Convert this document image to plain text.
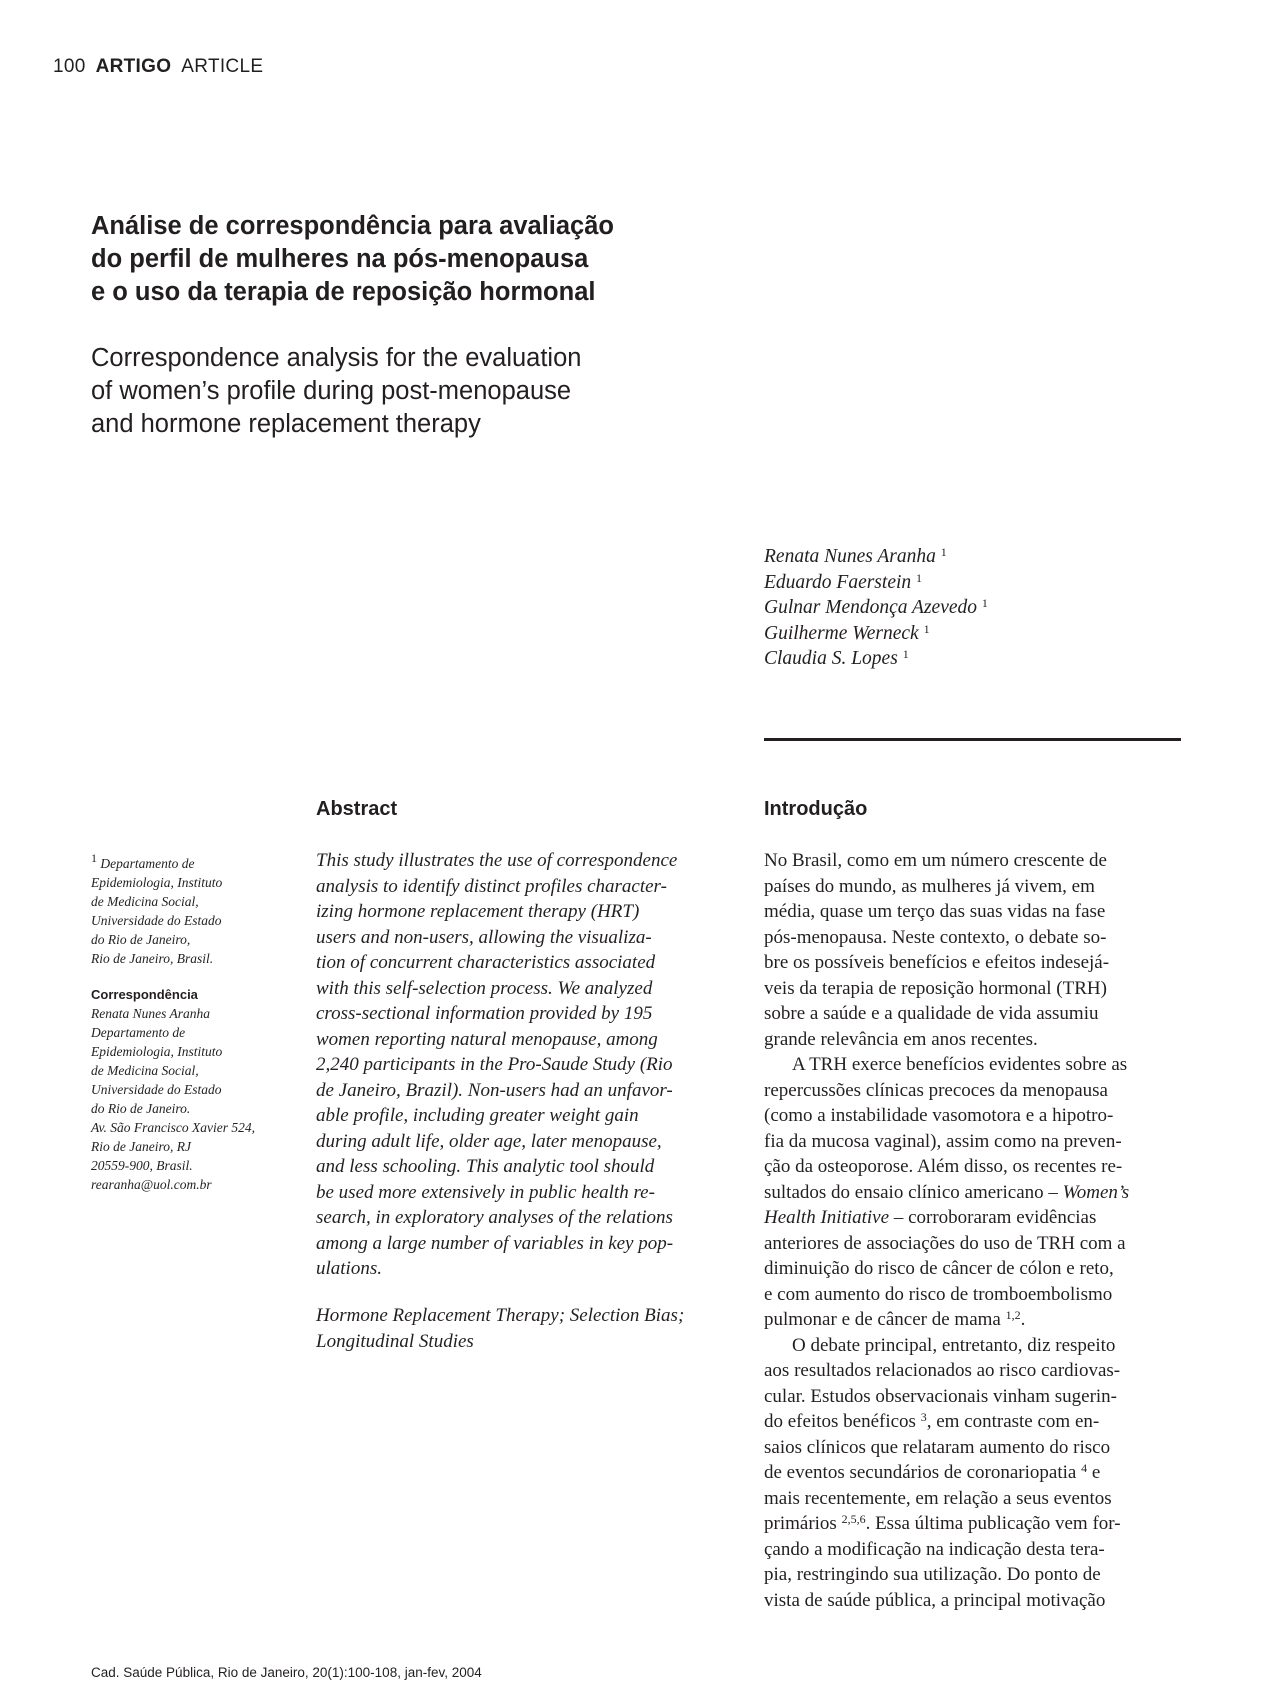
100 ARTIGO ARTICLE
Análise de correspondência para avaliação
do perfil de mulheres na pós-menopausa
e o uso da terapia de reposição hormonal
Correspondence analysis for the evaluation
of women’s profile during post-menopause
and hormone replacement therapy
Renata Nunes Aranha $^1$
Eduardo Faerstein $^1$
Gulnar Mendonça Azevedo $^1$
Guilherme Werneck $^1$
Claudia S. Lopes $^1$
$^1$ Departamento de
Epidemiologia, Instituto
de Medicina Social,
Universidade do Estado
do Rio de Janeiro,
Rio de Janeiro, Brasil.
Correspondência
Renata Nunes Aranha
Departamento de
Epidemiologia, Instituto
de Medicina Social,
Universidade do Estado
do Rio de Janeiro.
Av. São Francisco Xavier 524,
Rio de Janeiro, RJ
20559-900, Brasil.
rearanha@uol.com.br
Abstract
This study illustrates the use of correspondence
analysis to identify distinct profiles character-
izing hormone replacement therapy (HRT)
users and non-users, allowing the visualiza-
tion of concurrent characteristics associated
with this self-selection process. We analyzed
cross-sectional information provided by 195
women reporting natural menopause, among
2,240 participants in the Pro-Saude Study (Rio
de Janeiro, Brazil). Non-users had an unfavor-
able profile, including greater weight gain
during adult life, older age, later menopause,
and less schooling. This analytic tool should
be used more extensively in public health re-
search, in exploratory analyses of the relations
among a large number of variables in key pop-
ulations.
Hormone Replacement Therapy; Selection Bias;
Longitudinal Studies
Introdução
No Brasil, como em um número crescente de
países do mundo, as mulheres já vivem, em
média, quase um terço das suas vidas na fase
pós-menopausa. Neste contexto, o debate so-
bre os possíveis benefícios e efeitos indesejá-
veis da terapia de reposição hormonal (TRH)
sobre a saúde e a qualidade de vida assumiu
grande relevância em anos recentes.
A TRH exerce benefícios evidentes sobre as
repercussões clínicas precoces da menopausa
(como a instabilidade vasomotora e a hipotro-
fia da mucosa vaginal), assim como na preven-
ção da osteoporose. Além disso, os recentes re-
sultados do ensaio clínico americano – Women’s
Health Initiative – corroboraram evidências
anteriores de associações do uso de TRH com a
diminuição do risco de câncer de cólon e reto,
e com aumento do risco de tromboembolismo
pulmonar e de câncer de mama $^{1,2}$.
O debate principal, entretanto, diz respeito
aos resultados relacionados ao risco cardiovas-
cular. Estudos observacionais vinham sugerin-
do efeitos benéficos $^3$, em contraste com en-
saios clínicos que relataram aumento do risco
de eventos secundários de coronariopatia $^4$ e
mais recentemente, em relação a seus eventos
primários $^{2,5,6}$. Essa última publicação vem for-
çando a modificação na indicação desta tera-
pia, restringindo sua utilização. Do ponto de
vista de saúde pública, a principal motivação
Cad. Saúde Pública, Rio de Janeiro, 20(1):100-108, jan-fev, 2004
